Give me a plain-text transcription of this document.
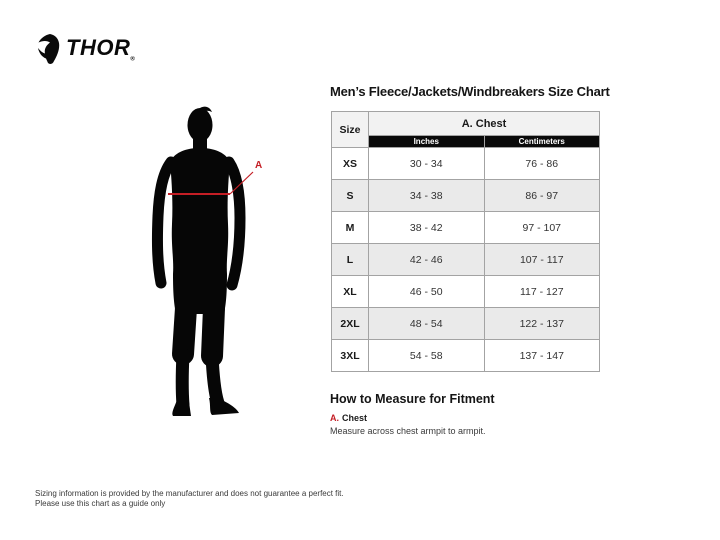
$THOR_®$
A
Men’s Fleece/Jackets/Windbreakers Size Chart
Size	A. Chest	
	Inches	Centimeters
XS	30 - 34	76 - 86
S	34 - 38	86 - 97
M	38 - 42	97 - 107
L	42 - 46	107 - 117
XL	46 - 50	117 - 127
2XL	48 - 54	122 - 137
3XL	54 - 58	137 - 147
How to Measure for Fitment
A. Chest
Measure across chest armpit to armpit.
Sizing information is provided by the manufacturer and does not guarantee a perfect fit.
Please use this chart as a guide only
